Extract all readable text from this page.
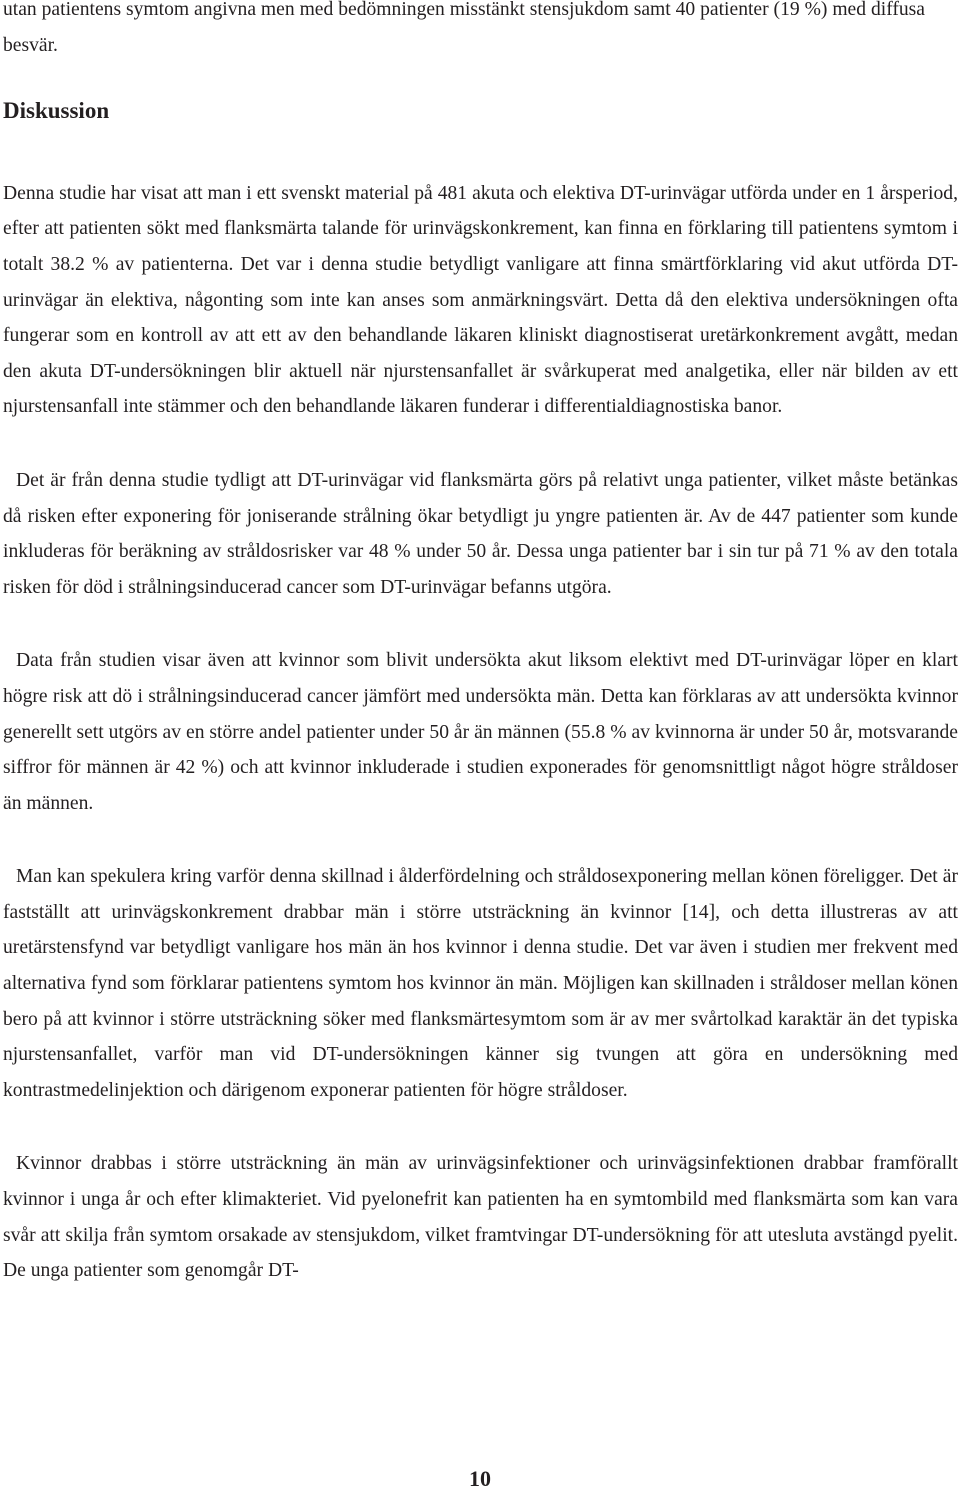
utan patientens symtom angivna men med bedömningen misstänkt stensjukdom samt 40 patienter (19 %) med diffusa besvär.

Diskussion

Denna studie har visat att man i ett svenskt material på 481 akuta och elektiva DT-urinvägar utförda under en 1 årsperiod, efter att patienten sökt med flanksmärta talande för urinvägskonkrement, kan finna en förklaring till patientens symtom i totalt 38.2 % av patienterna. Det var i denna studie betydligt vanligare att finna smärtförklaring vid akut utförda DT-urinvägar än elektiva, någonting som inte kan anses som anmärkningsvärt. Detta då den elektiva undersökningen ofta fungerar som en kontroll av att ett av den behandlande läkaren kliniskt diagnostiserat uretärkonkrement avgått, medan den akuta DT-undersökningen blir aktuell när njurstensanfallet är svårkuperat med analgetika, eller när bilden av ett njurstensanfall inte stämmer och den behandlande läkaren funderar i differentialdiagnostiska banor.

Det är från denna studie tydligt att DT-urinvägar vid flanksmärta görs på relativt unga patienter, vilket måste betänkas då risken efter exponering för joniserande strålning ökar betydligt ju yngre patienten är. Av de 447 patienter som kunde inkluderas för beräkning av stråldosrisker var 48 % under 50 år. Dessa unga patienter bar i sin tur på 71 % av den totala risken för död i strålningsinducerad cancer som DT-urinvägar befanns utgöra.

Data från studien visar även att kvinnor som blivit undersökta akut liksom elektivt med DT-urinvägar löper en klart högre risk att dö i strålningsinducerad cancer jämfört med undersökta män. Detta kan förklaras av att undersökta kvinnor generellt sett utgörs av en större andel patienter under 50 år än männen (55.8 % av kvinnorna är under 50 år, motsvarande siffror för männen är 42 %) och att kvinnor inkluderade i studien exponerades för genomsnittligt något högre stråldoser än männen.

Man kan spekulera kring varför denna skillnad i ålderfördelning och stråldosexponering mellan könen föreligger. Det är fastställt att urinvägskonkrement drabbar män i större utsträckning än kvinnor [14], och detta illustreras av att uretärstensfynd var betydligt vanligare hos män än hos kvinnor i denna studie. Det var även i studien mer frekvent med alternativa fynd som förklarar patientens symtom hos kvinnor än män. Möjligen kan skillnaden i stråldoser mellan könen bero på att kvinnor i större utsträckning söker med flanksmärtesymtom som är av mer svårtolkad karaktär än det typiska njurstensanfallet, varför man vid DT-undersökningen känner sig tvungen att göra en undersökning med kontrastmedelinjektion och därigenom exponerar patienten för högre stråldoser.

Kvinnor drabbas i större utsträckning än män av urinvägsinfektioner och urinvägsinfektionen drabbar framförallt kvinnor i unga år och efter klimakteriet. Vid pyelonefrit kan patienten ha en symtombild med flanksmärta som kan vara svår att skilja från symtom orsakade av stensjukdom, vilket framtvingar DT-undersökning för att utesluta avstängd pyelit. De unga patienter som genomgår DT-

10
